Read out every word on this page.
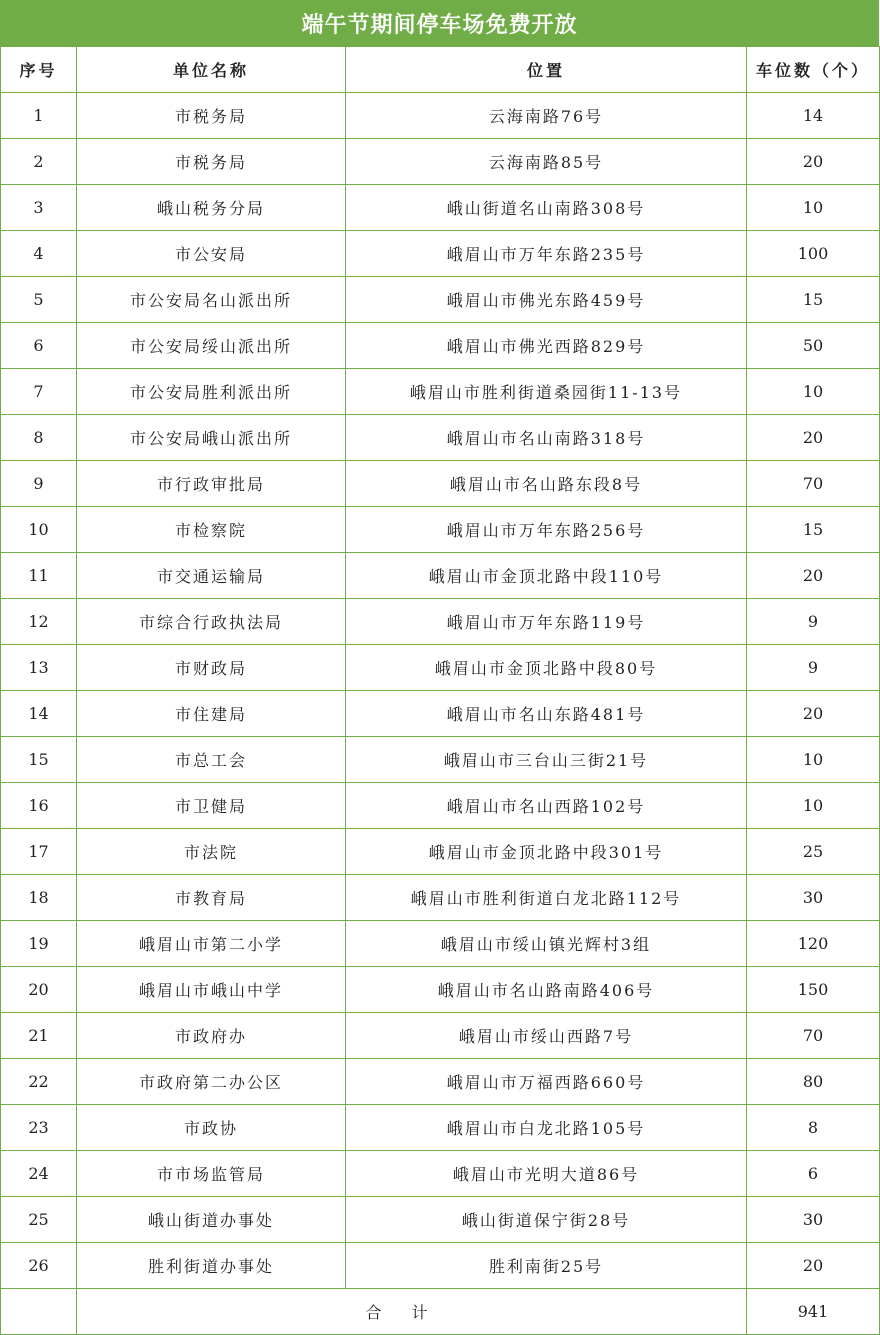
端午节期间停车场免费开放
序号	单位名称	位置	车位数（个）
1	市税务局	云海南路76号	14
2	市税务局	云海南路85号	20
3	峨山税务分局	峨山街道名山南路308号	10
4	市公安局	峨眉山市万年东路235号	100
5	市公安局名山派出所	峨眉山市佛光东路459号	15
6	市公安局绥山派出所	峨眉山市佛光西路829号	50
7	市公安局胜利派出所	峨眉山市胜利街道桑园街11-13号	10
8	市公安局峨山派出所	峨眉山市名山南路318号	20
9	市行政审批局	峨眉山市名山路东段8号	70
10	市检察院	峨眉山市万年东路256号	15
11	市交通运输局	峨眉山市金顶北路中段110号	20
12	市综合行政执法局	峨眉山市万年东路119号	9
13	市财政局	峨眉山市金顶北路中段80号	9
14	市住建局	峨眉山市名山东路481号	20
15	市总工会	峨眉山市三台山三街21号	10
16	市卫健局	峨眉山市名山西路102号	10
17	市法院	峨眉山市金顶北路中段301号	25
18	市教育局	峨眉山市胜利街道白龙北路112号	30
19	峨眉山市第二小学	峨眉山市绥山镇光辉村3组	120
20	峨眉山市峨山中学	峨眉山市名山路南路406号	150
21	市政府办	峨眉山市绥山西路7号	70
22	市政府第二办公区	峨眉山市万福西路660号	80
23	市政协	峨眉山市白龙北路105号	8
24	市市场监管局	峨眉山市光明大道86号	6
25	峨山街道办事处	峨山街道保宁街28号	30
26	胜利街道办事处	胜利南街25号	20
	合计		941
